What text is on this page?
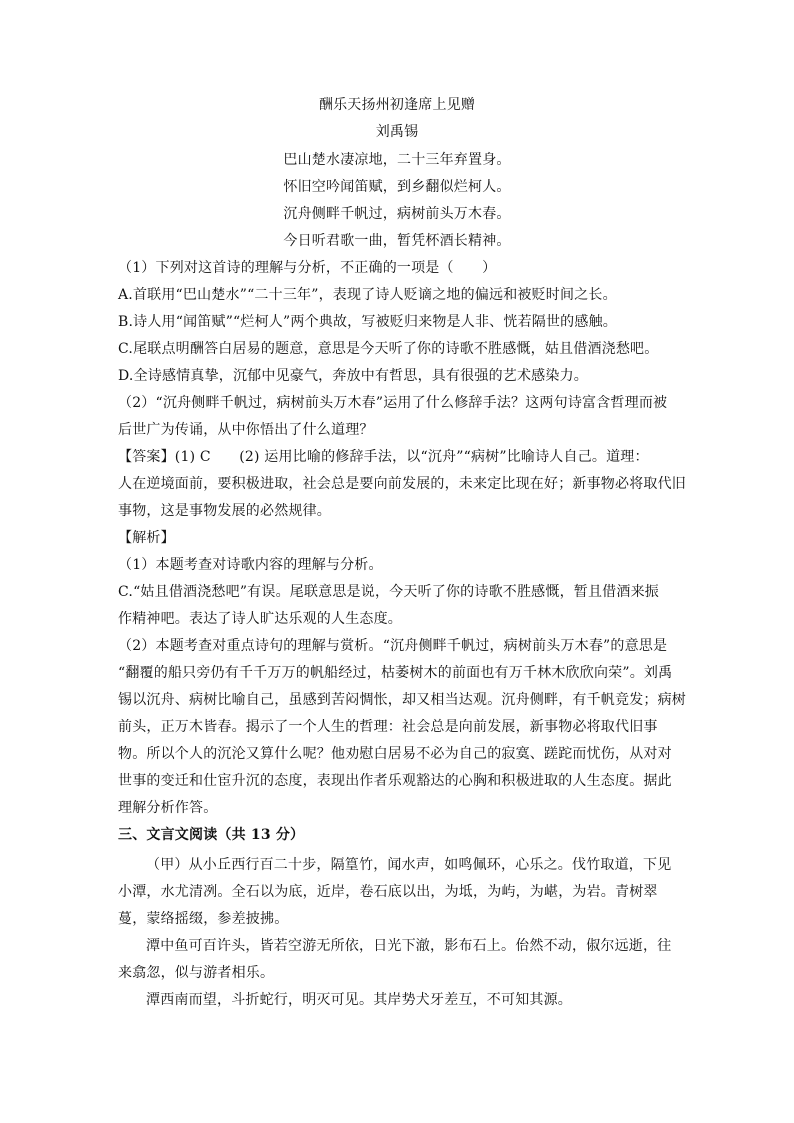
酬乐天扬州初逢席上见赠
刘禹锡
巴山楚水凄凉地，二十三年弃置身。
怀旧空吟闻笛赋，到乡翻似烂柯人。
沉舟侧畔千帆过，病树前头万木春。
今日听君歌一曲，暂凭杯酒长精神。
（1）下列对这首诗的理解与分析，不正确的一项是（　　）
A.首联用“巴山楚水”“二十三年”，表现了诗人贬谪之地的偏远和被贬时间之长。
B.诗人用“闻笛赋”“烂柯人”两个典故，写被贬归来物是人非、恍若隔世的感触。
C.尾联点明酬答白居易的题意，意思是今天听了你的诗歌不胜感慨，姑且借酒浇愁吧。
D.全诗感情真挚，沉郁中见豪气，奔放中有哲思，具有很强的艺术感染力。
（2）“沉舟侧畔千帆过，病树前头万木春”运用了什么修辞手法？这两句诗富含哲理而被
后世广为传诵，从中你悟出了什么道理？
【答案】(1) C　　(2) 运用比喻的修辞手法，以“沉舟”“病树”比喻诗人自己。道理：
人在逆境面前，要积极进取，社会总是要向前发展的，未来定比现在好；新事物必将取代旧
事物，这是事物发展的必然规律。
【解析】
（1）本题考查对诗歌内容的理解与分析。
C.“姑且借酒浇愁吧”有误。尾联意思是说，今天听了你的诗歌不胜感慨，暂且借酒来振
作精神吧。表达了诗人旷达乐观的人生态度。
（2）本题考查对重点诗句的理解与赏析。“沉舟侧畔千帆过，病树前头万木春”的意思是
“翻覆的船只旁仍有千千万万的帆船经过，枯萎树木的前面也有万千林木欣欣向荣”。刘禹
锡以沉舟、病树比喻自己，虽感到苦闷惆怅，却又相当达观。沉舟侧畔，有千帆竞发；病树
前头，正万木皆春。揭示了一个人生的哲理：社会总是向前发展，新事物必将取代旧事
物。所以个人的沉沦又算什么呢？他劝慰白居易不必为自己的寂寞、蹉跎而忧伤，从对对
世事的变迁和仕宦升沉的态度，表现出作者乐观豁达的心胸和积极进取的人生态度。据此
理解分析作答。
三、文言文阅读（共 13 分）
（甲）从小丘西行百二十步，隔篁竹，闻水声，如鸣佩环，心乐之。伐竹取道，下见
小潭，水尤清冽。全石以为底，近岸，卷石底以出，为坻，为屿，为嵁，为岩。青树翠
蔓，蒙络摇缀，参差披拂。
潭中鱼可百许头，皆若空游无所依，日光下澈，影布石上。佁然不动，俶尔远逝，往
来翕忽，似与游者相乐。
潭西南而望，斗折蛇行，明灭可见。其岸势犬牙差互，不可知其源。
